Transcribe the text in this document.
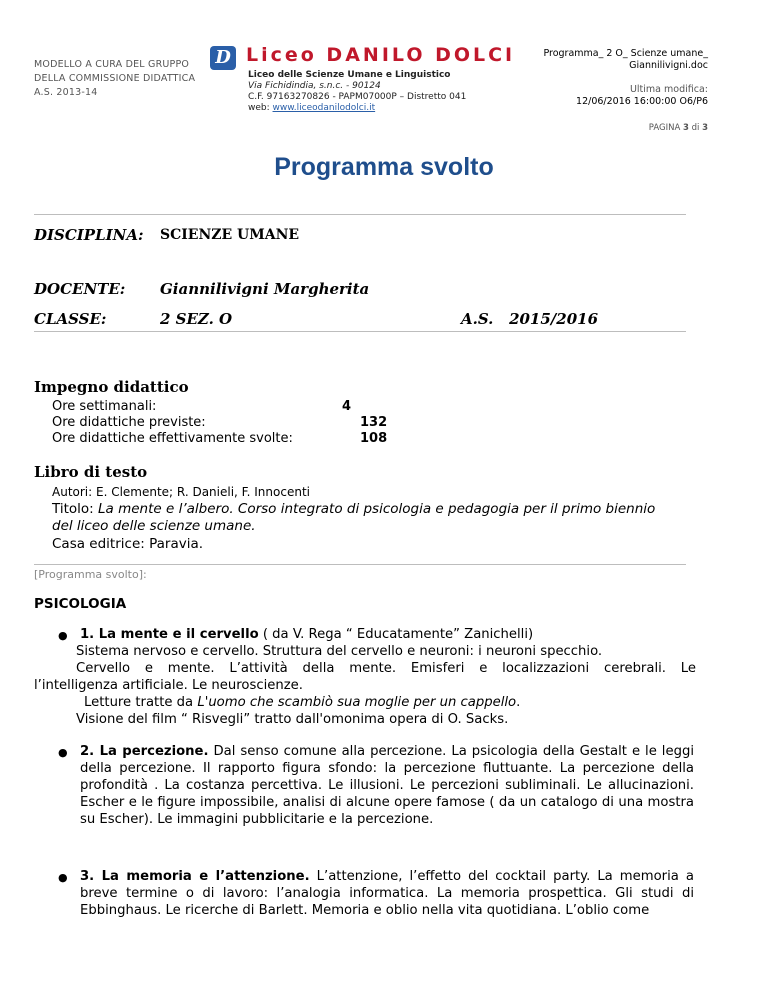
MODELLO A CURA DEL GRUPPO
DELLA COMMISSIONE DIDATTICA
A.S. 2013-14
D Liceo DANILO DOLCI
Liceo delle Scienze Umane e Linguistico
Via Fichidindia, s.n.c. - 90124
C.F. 97163270826 - PAPM07000P – Distretto 041
web: www.liceodanilodolci.it
Programma_ 2 O_ Scienze umane_
Giannilivigni.doc
Ultima modifica:
12/06/2016 16:00:00 O6/P6
PAGINA 3 di 3
Programma svolto
DISCIPLINA: SCIENZE UMANE
DOCENTE: Giannilivigni Margherita
CLASSE:	2 SEZ. O	A.S. 2015/2016
Impegno didattico
Ore settimanali:	4
Ore didattiche previste:	132
Ore didattiche effettivamente svolte:	108
Libro di testo
Autori: E. Clemente; R. Danieli, F. Innocenti
Titolo: La mente e l’albero. Corso integrato di psicologia e pedagogia per il primo biennio
del liceo delle scienze umane.
Casa editrice: Paravia.
[Programma svolto]:
PSICOLOGIA
● 1. La mente e il cervello ( da V. Rega “ Educatamente” Zanichelli)
Sistema nervoso e cervello. Struttura del cervello e neuroni: i neuroni specchio.
Cervello e mente. L’attività della mente. Emisferi e localizzazioni cerebrali. Le
l’intelligenza artificiale. Le neuroscienze.
Letture tratte da L'uomo che scambiò sua moglie per un cappello.
Visione del film “ Risvegli” tratto dall'omonima opera di O. Sacks.
● 2. La percezione. Dal senso comune alla percezione. La psicologia della Gestalt e le leggi della percezione. Il rapporto figura sfondo: la percezione fluttuante. La percezione della profondità . La costanza percettiva. Le illusioni. Le percezioni subliminali. Le allucinazioni. Escher e le figure impossibile, analisi di alcune opere famose ( da un catalogo di una mostra su Escher). Le immagini pubblicitarie e la percezione.
● 3. La memoria e l’attenzione. L’attenzione, l’effetto del cocktail party. La memoria a breve termine o di lavoro: l’analogia informatica. La memoria prospettica. Gli studi di Ebbinghaus. Le ricerche di Barlett. Memoria e oblio nella vita quotidiana. L’oblio come
